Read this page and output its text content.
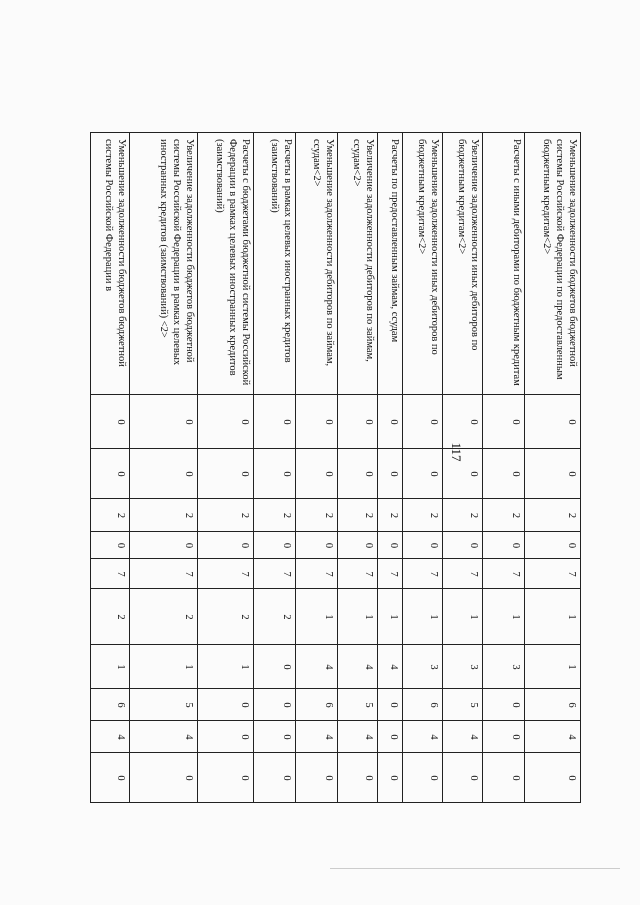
117
Уменьшение задолженности бюджетов бюджетной системы Российской Федерации по предоставленным бюджетным кредитам<2>	0	0	2	0	7	1	1	6	4	0
Расчеты с иными дебиторами по бюджетным кредитам	0	0	2	0	7	1	3	0	0	0
Увеличение задолженности иных дебиторов по бюджетным кредитам<2>	0	0	2	0	7	1	3	5	4	0
Уменьшение задолженности иных дебиторов по бюджетным кредитам<2>	0	0	2	0	7	1	3	6	4	0
Расчеты по предоставленным займам, ссудам	0	0	2	0	7	1	4	0	0	0
Увеличение задолженности дебиторов по займам, ссудам<2>	0	0	2	0	7	1	4	5	4	0
Уменьшение задолженности дебиторов по займам, ссудам<2>	0	0	2	0	7	1	4	6	4	0
Расчеты в рамках целевых иностранных кредитов (заимствований)	0	0	2	0	7	2	0	0	0	0
Расчеты с бюджетами бюджетной системы Российской Федерации в рамках целевых иностранных кредитов (заимствований)	0	0	2	0	7	2	1	0	0	0
Увеличение задолженности бюджетов бюджетной системы Российской Федерации в рамках целевых иностранных кредитов (заимствований) <2>	0	0	2	0	7	2	1	5	4	0
Уменьшение задолженности бюджетов бюджетной системы Российской Федерации в	0	0	2	0	7	2	1	6	4	0
